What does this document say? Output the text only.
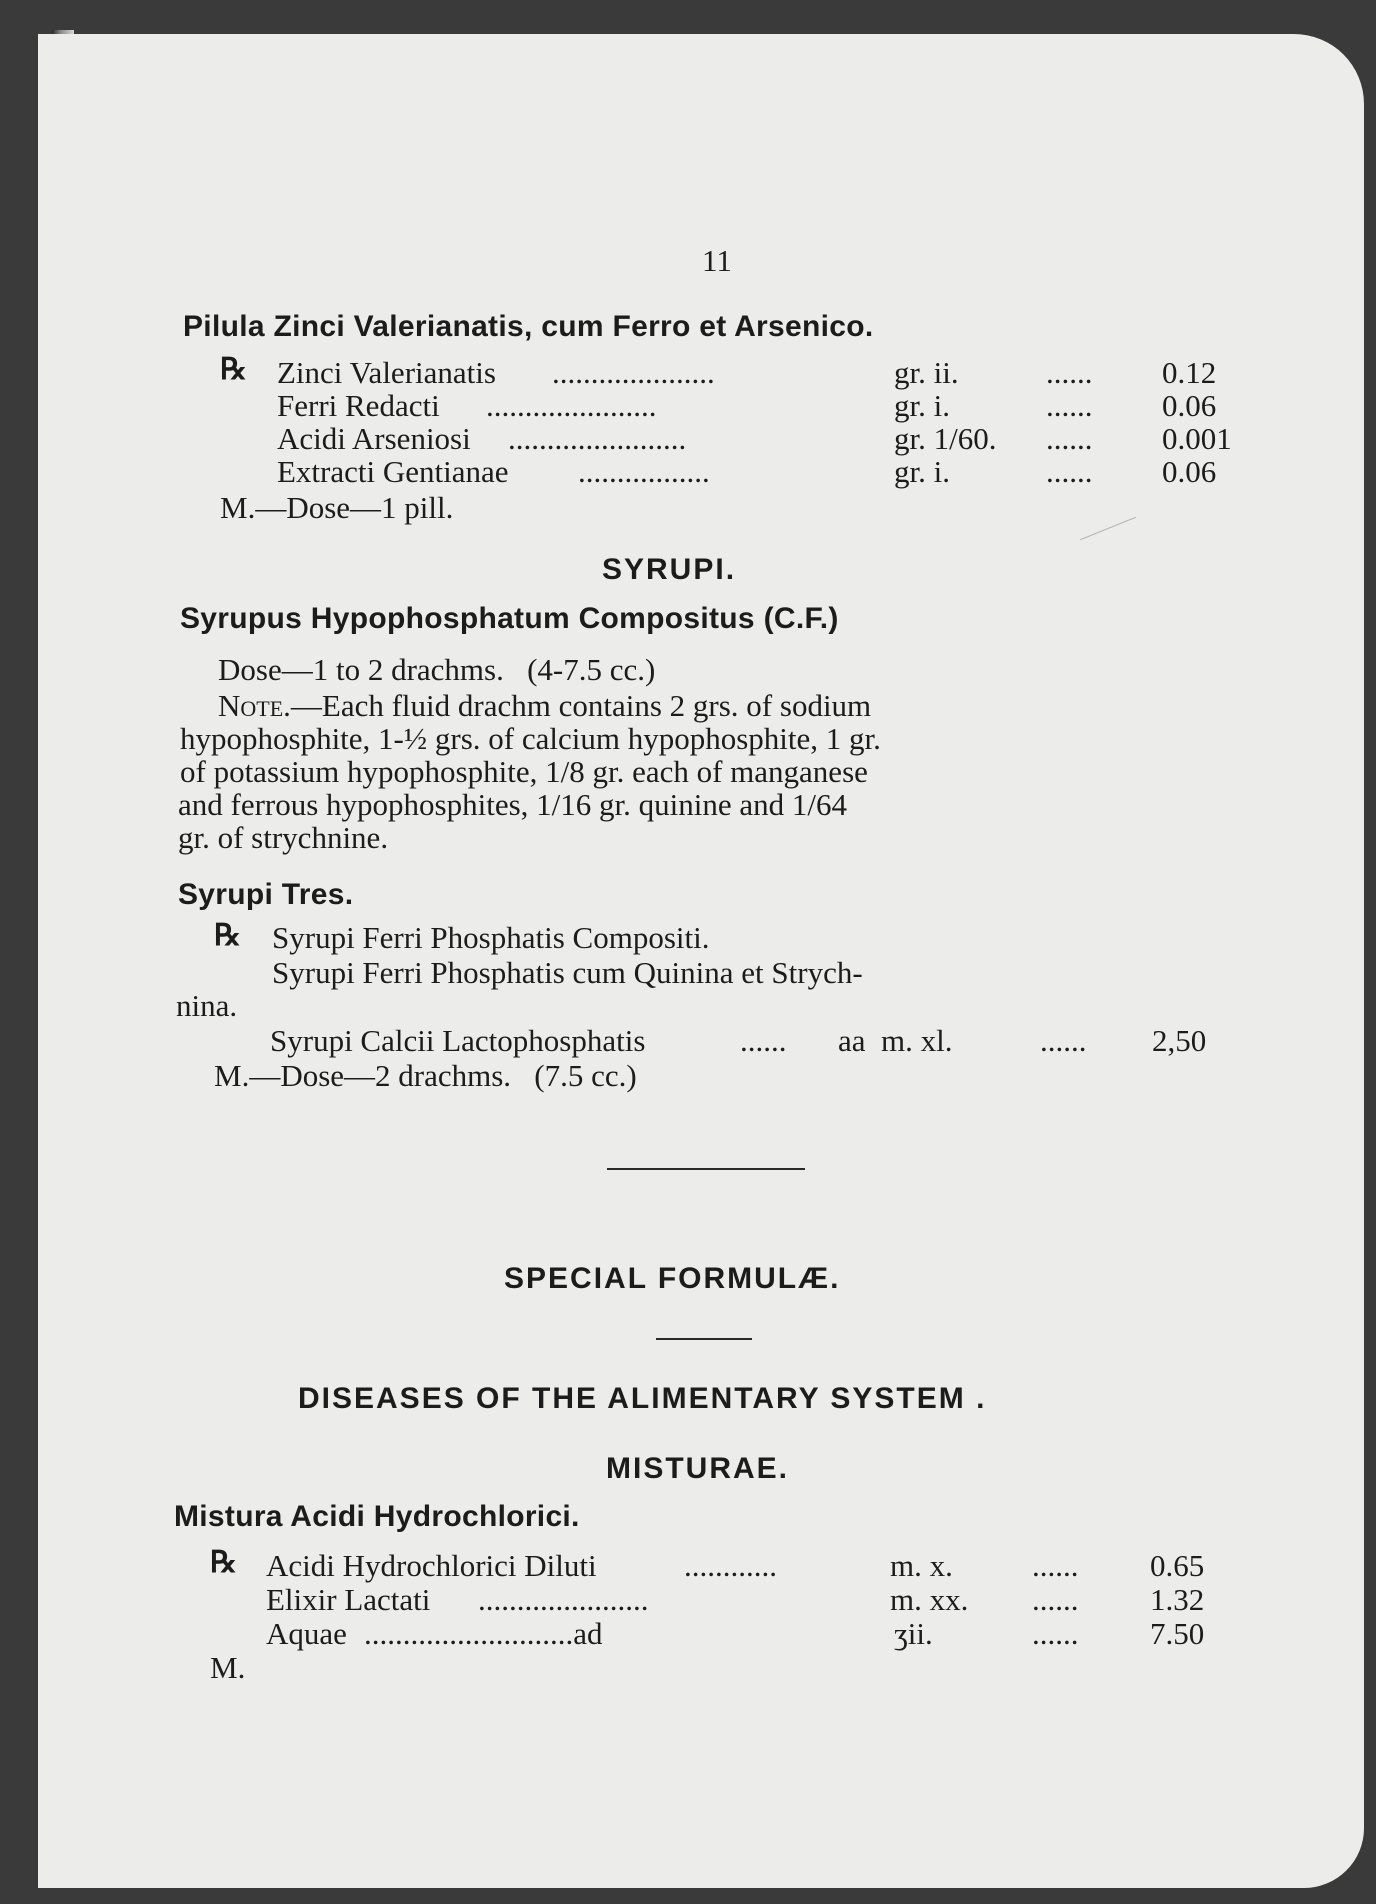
11
Pilula Zinci Valerianatis, cum Ferro et Arsenico.
℞ Zinci Valerianatis .....................	gr. ii.	...... 0.12
Ferri Redacti ......................	gr. i.	...... 0.06
Acidi Arseniosi .......................	gr. 1/60. ...... 0.001
Extracti Gentianae .................	gr. i.	...... 0.06
M.—Dose—1 pill.
SYRUPI.
Syrupus Hypophosphatum Compositus (C.F.)
Dose—1 to 2 drachms.   (4-7.5 cc.)
Note.—Each fluid drachm contains 2 grs. of sodium
hypophosphite, 1-½ grs. of calcium hypophosphite, 1 gr.
of potassium hypophosphite, 1/8 gr. each of manganese
and ferrous hypophosphites, 1/16 gr. quinine and 1/64
gr. of strychnine.
Syrupi Tres.
℞ Syrupi Ferri Phosphatis Compositi.
Syrupi Ferri Phosphatis cum Quinina et Strych-
nina.
Syrupi Calcii Lactophosphatis	...... aa  m. xl.	...... 2,50
M.—Dose—2 drachms.   (7.5 cc.)
SPECIAL FORMULÆ.
DISEASES OF THE ALIMENTARY SYSTEM .
MISTURAE.
Mistura Acidi Hydrochlorici.
℞ Acidi Hydrochlorici Diluti	............	m. x.	...... 0.65
Elixir Lactati ......................	m. xx. ...... 1.32
Aquae ...........................ad	ʒii.	...... 7.50
M.
